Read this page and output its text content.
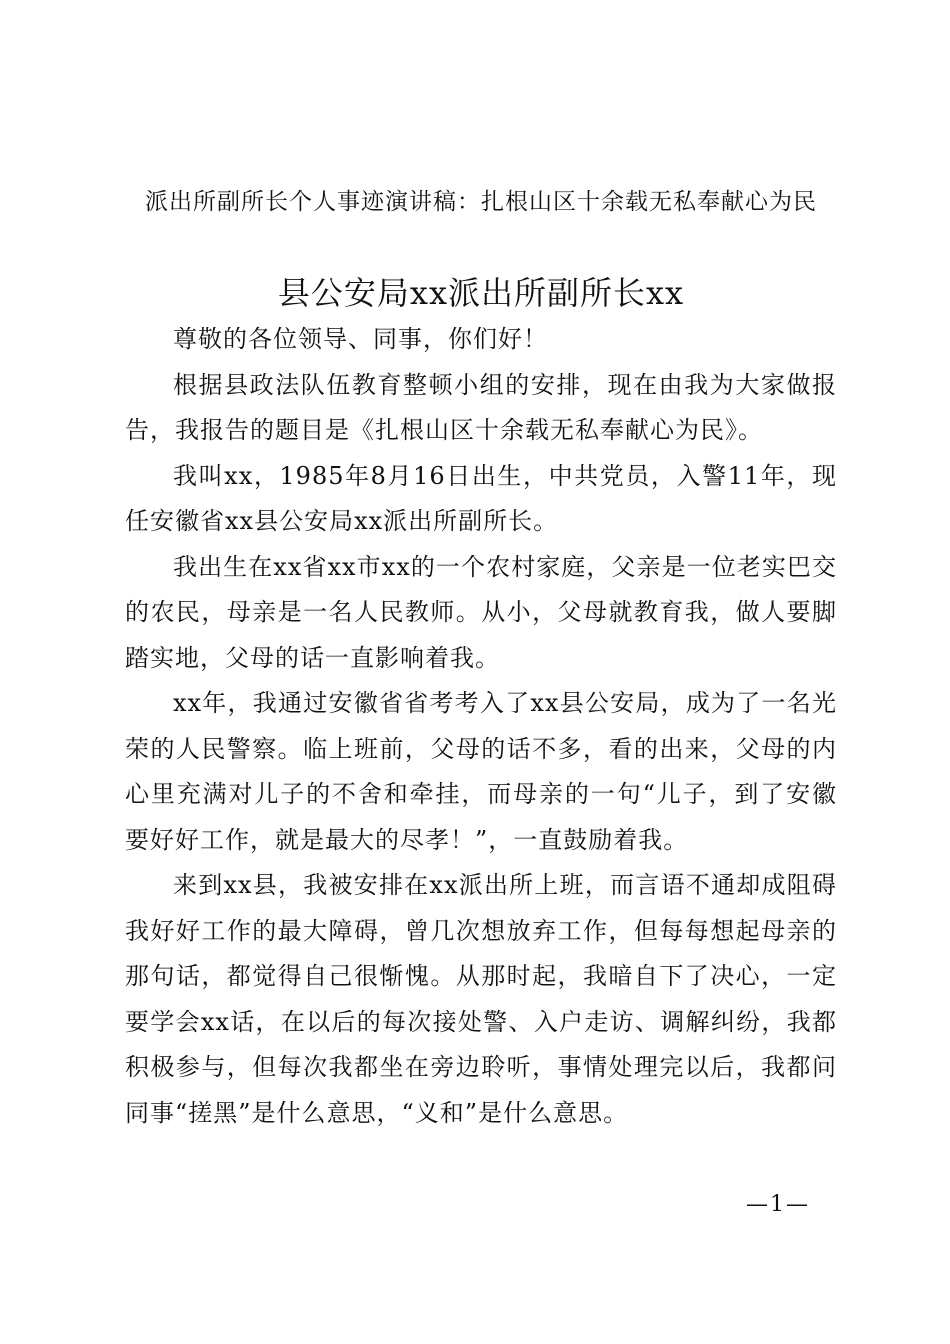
派出所副所长个人事迹演讲稿：扎根山区十余载无私奉献心为民
县公安局xx派出所副所长xx

尊敬的各位领导、同事，你们好！

根据县政法队伍教育整顿小组的安排，现在由我为大家做报告，我报告的题目是《扎根山区十余载无私奉献心为民》。

我叫xx，1985年8月16日出生，中共党员，入警11年，现任安徽省xx县公安局xx派出所副所长。

我出生在xx省xx市xx的一个农村家庭，父亲是一位老实巴交的农民，母亲是一名人民教师。从小，父母就教育我，做人要脚踏实地，父母的话一直影响着我。

xx年，我通过安徽省省考考入了xx县公安局，成为了一名光荣的人民警察。临上班前，父母的话不多，看的出来，父母的内心里充满对儿子的不舍和牵挂，而母亲的一句“儿子，到了安徽要好好工作，就是最大的尽孝！”，一直鼓励着我。

来到xx县，我被安排在xx派出所上班，而言语不通却成阻碍我好好工作的最大障碍，曾几次想放弃工作，但每每想起母亲的那句话，都觉得自己很惭愧。从那时起，我暗自下了决心，一定要学会xx话，在以后的每次接处警、入户走访、调解纠纷，我都积极参与，但每次我都坐在旁边聆听，事情处理完以后，我都问同事“搓黑”是什么意思，“义和”是什么意思。

—1—
